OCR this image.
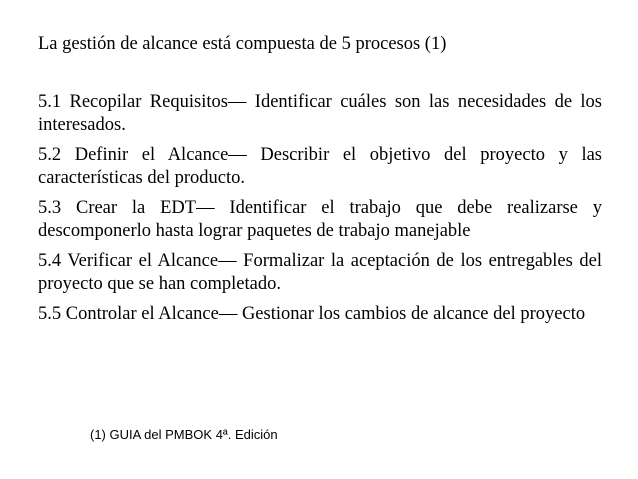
La gestión de alcance está compuesta de 5 procesos (1)
5.1 Recopilar Requisitos— Identificar cuáles son las necesidades de los interesados.
5.2 Definir el Alcance— Describir el objetivo del proyecto y las características del producto.
5.3 Crear la EDT— Identificar el trabajo que debe realizarse y descomponerlo hasta lograr paquetes de trabajo manejable
5.4 Verificar el Alcance— Formalizar la aceptación de los entregables del proyecto que se han completado.
5.5 Controlar el Alcance— Gestionar los cambios de alcance del proyecto
(1) GUIA del PMBOK 4ª. Edición
